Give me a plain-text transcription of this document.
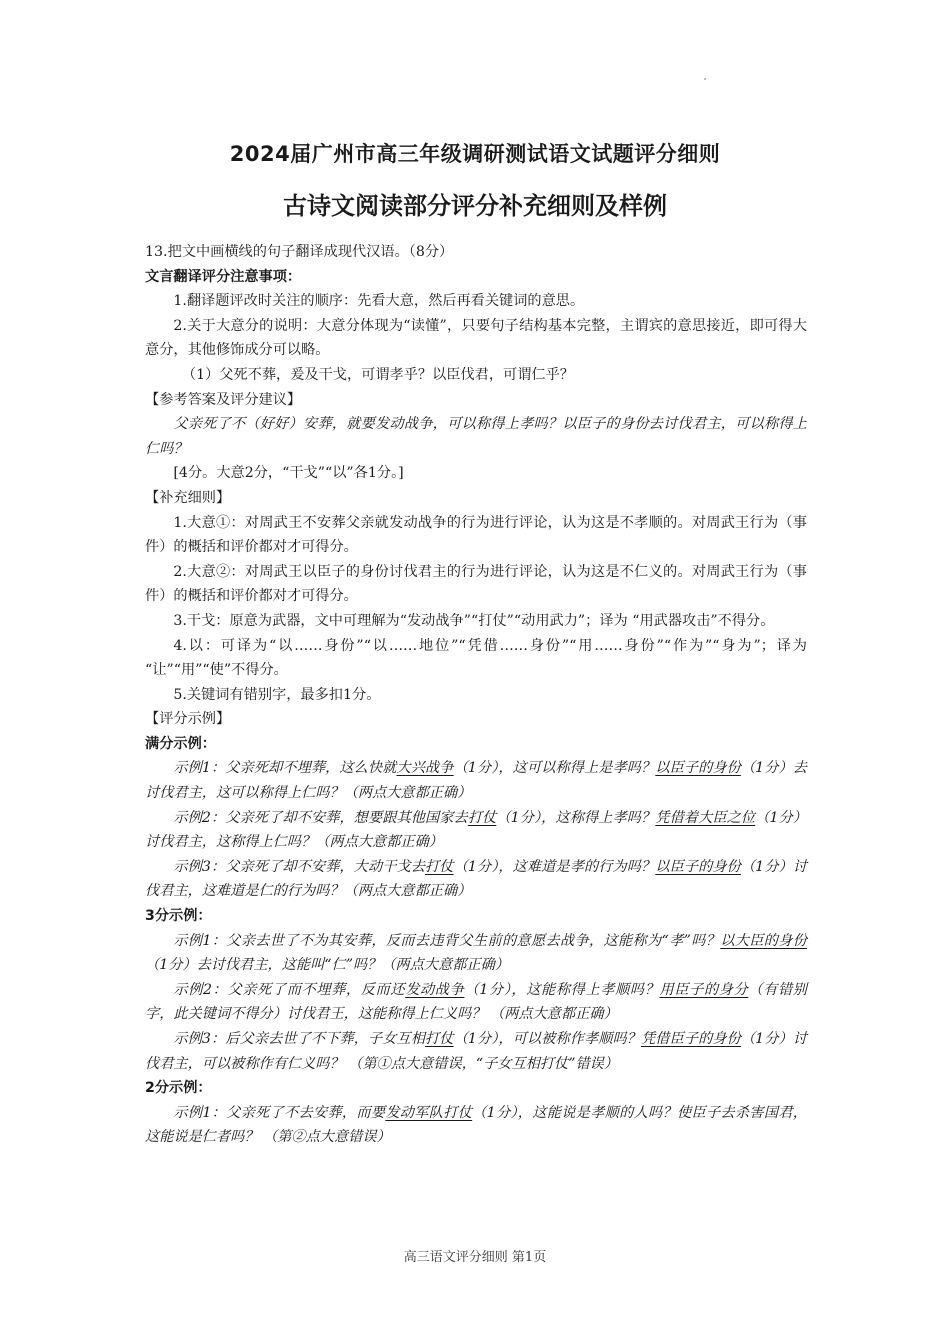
2024届广州市高三年级调研测试语文试题评分细则
古诗文阅读部分评分补充细则及样例

13.把文中画横线的句子翻译成现代汉语。（8分）

文言翻译评分注意事项：

1.翻译题评改时关注的顺序：先看大意，然后再看关键词的意思。

2.关于大意分的说明：大意分体现为“读懂”，只要句子结构基本完整，主谓宾的意思接近，即可得大意分，其他修饰成分可以略。

（1）父死不葬，爰及干戈，可谓孝乎？以臣伐君，可谓仁乎？

【参考答案及评分建议】

父亲死了不（好好）安葬，就要发动战争，可以称得上孝吗？以臣子的身份去讨伐君主，可以称得上仁吗？

[4分。大意2分，“干戈”“以”各1分。]

【补充细则】

1.大意①：对周武王不安葬父亲就发动战争的行为进行评论，认为这是不孝顺的。对周武王行为（事件）的概括和评价都对才可得分。

2.大意②：对周武王以臣子的身份讨伐君主的行为进行评论，认为这是不仁义的。对周武王行为（事件）的概括和评价都对才可得分。

3.干戈：原意为武器，文中可理解为“发动战争”“打仗”“动用武力”；译为 “用武器攻击”不得分。

4.以：可译为“以……身份”“以……地位”“凭借……身份”“用……身份”“作为”“身为”；译为 “让”“用”“使”不得分。

5.关键词有错别字，最多扣1分。

【评分示例】

满分示例：

示例1：父亲死却不埋葬，这么快就大兴战争（1分），这可以称得上是孝吗？以臣子的身份（1分）去讨伐君主，这可以称得上仁吗？（两点大意都正确）

示例2：父亲死了却不安葬，想要跟其他国家去打仗（1分），这称得上孝吗？凭借着大臣之位（1分）讨伐君主，这称得上仁吗？（两点大意都正确）

示例3：父亲死了却不安葬，大动干戈去打仗（1分），这难道是孝的行为吗？以臣子的身份（1分）讨伐君主，这难道是仁的行为吗？（两点大意都正确）

3分示例：

示例1：父亲去世了不为其安葬，反而去违背父生前的意愿去战争，这能称为“孝”吗？以大臣的身份（1分）去讨伐君主，这能叫“仁”吗？（两点大意都正确）

示例2：父亲死了而不埋葬，反而还发动战争（1分），这能称得上孝顺吗？用臣子的身分（有错别字，此关键词不得分）讨伐君王，这能称得上仁义吗？ （两点大意都正确）

示例3：后父亲去世了不下葬，子女互相打仗（1分），可以被称作孝顺吗？凭借臣子的身份（1分）讨伐君主，可以被称作有仁义吗？ （第①点大意错误，“子女互相打仗”错误）

2分示例：

示例1：父亲死了不去安葬，而要发动军队打仗（1分），这能说是孝顺的人吗？使臣子去杀害国君，这能说是仁者吗？ （第②点大意错误）

高三语文评分细则 第1页
